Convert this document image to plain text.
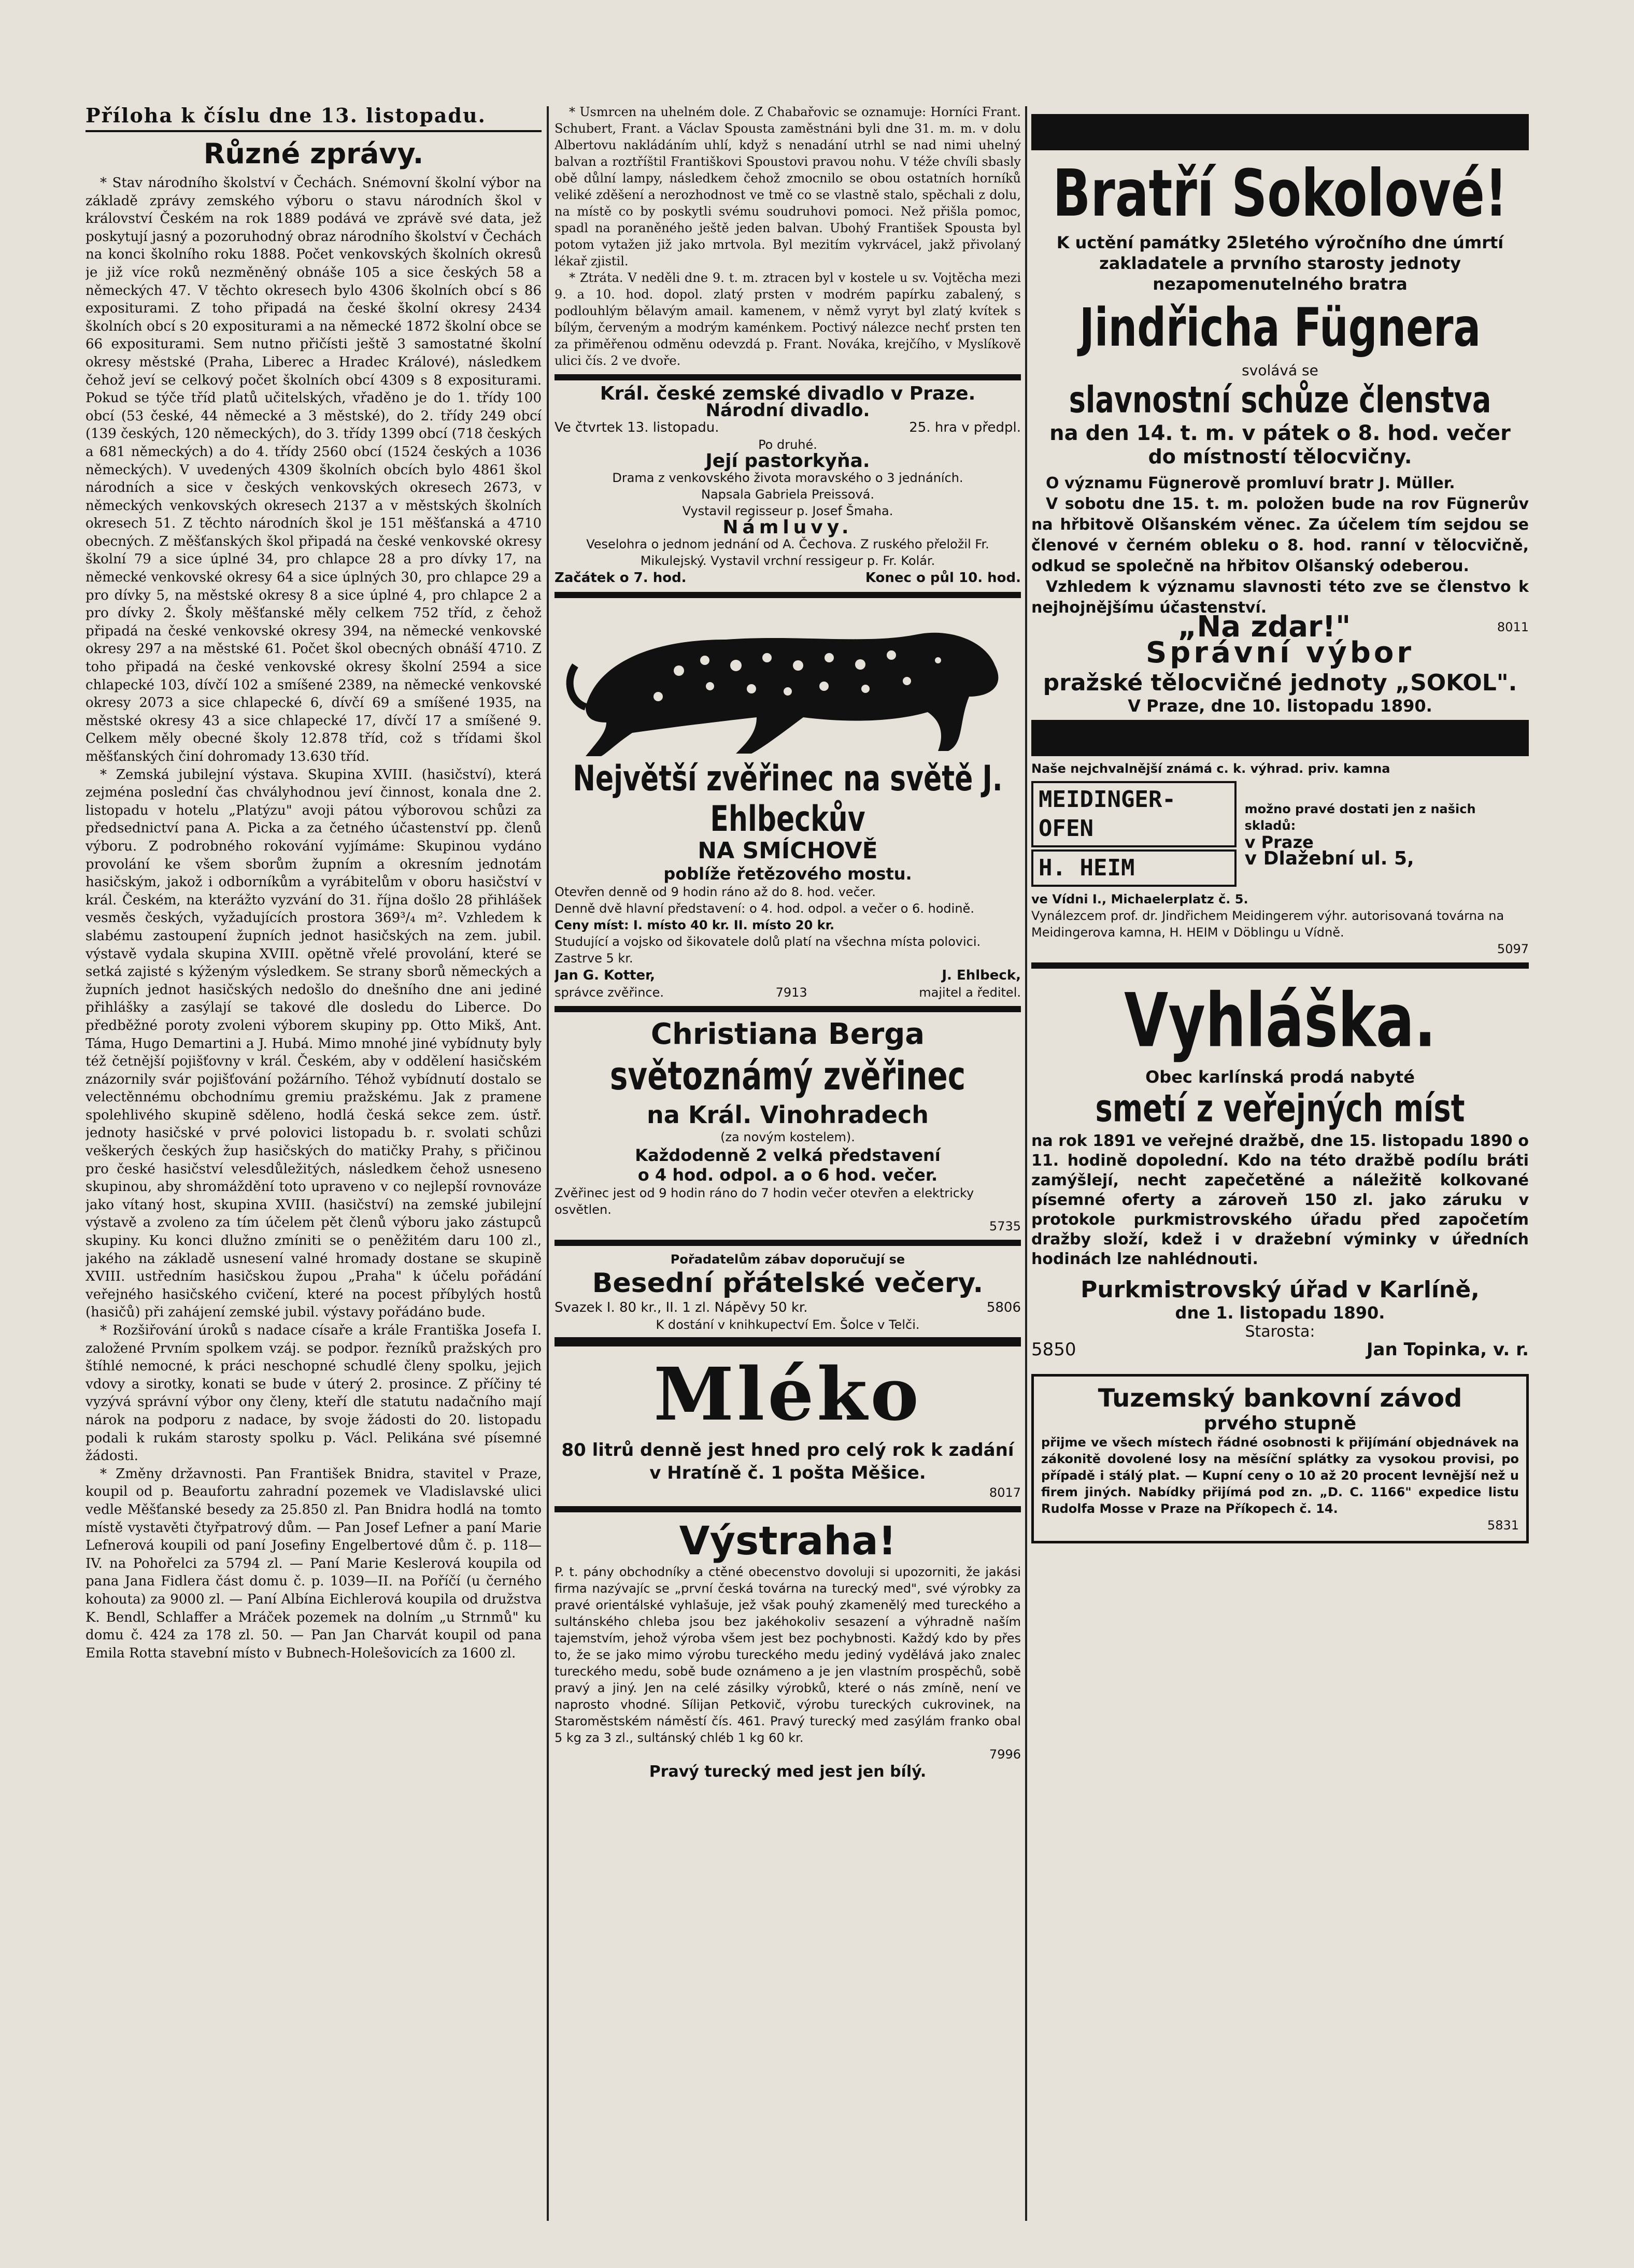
Příloha k číslu dne 13. listopadu.
Různé zprávy.

* Stav národního školství v Čechách. Snémovní školní výbor na základě zprávy zemského výboru o stavu národních škol v království Českém na rok 1889 podává ve zprávě své data, jež poskytují jasný a pozoruhodný obraz národního školství v Čechách na konci školního roku 1888. Počet venkovských školních okresů je již více roků nezměněný obnáše 105 a sice českých 58 a německých 47. V těchto okresech bylo 4306 školních obcí s 86 expositurami. Z toho připadá na české školní okresy 2434 školních obcí s 20 expositurami a na německé 1872 školní obce se 66 expositurami. Sem nutno přičísti ještě 3 samostatné školní okresy městské (Praha, Liberec a Hradec Králové), následkem čehož jeví se celkový počet školních obcí 4309 s 8 expositurami. Pokud se týče tříd platů učitelských, vřaděno je do 1. třídy 100 obcí (53 české, 44 německé a 3 městské), do 2. třídy 249 obcí (139 českých, 120 německých), do 3. třídy 1399 obcí (718 českých a 681 německých) a do 4. třídy 2560 obcí (1524 českých a 1036 německých). V uvedených 4309 školních obcích bylo 4861 škol národních a sice v českých venkovských okresech 2673, v německých venkovských okresech 2137 a v městských školních okresech 51. Z těchto národních škol je 151 měšťanská a 4710 obecných. Z měšťanských škol připadá na české venkovské okresy školní 79 a sice úplné 34, pro chlapce 28 a pro dívky 17, na německé venkovské okresy 64 a sice úplných 30, pro chlapce 29 a pro dívky 5, na městské okresy 8 a sice úplné 4, pro chlapce 2 a pro dívky 2. Školy měšťanské měly celkem 752 tříd, z čehož připadá na české venkovské okresy 394, na německé venkovské okresy 297 a na městské 61. Počet škol obecných obnáší 4710. Z toho připadá na české venkovské okresy školní 2594 a sice chlapecké 103, dívčí 102 a smíšené 2389, na německé venkovské okresy 2073 a sice chlapecké 6, dívčí 69 a smíšené 1935, na městské okresy 43 a sice chlapecké 17, dívčí 17 a smíšené 9. Celkem měly obecné školy 12.878 tříd, což s třídami škol měšťanských činí dohromady 13.630 tříd.

* Zemská jubilejní výstava. Skupina XVIII. (hasičství), která zejména poslední čas chvályhodnou jeví činnost, konala dne 2. listopadu v hotelu „Platýzu" avoji pátou výborovou schůzi za předsednictví pana A. Picka a za četného účastenství pp. členů výboru. Z podrobného rokování vyjímáme: Skupinou vydáno provolání ke všem sborům župním a okresním jednotám hasičským, jakož i odborníkům a vyrábitelům v oboru hasičství v král. Českém, na kterážto vyzvání do 31. října došlo 28 přihlášek vesměs českých, vyžadujících prostora 369³/₄ m². Vzhledem k slabému zastoupení župních jednot hasičských na zem. jubil. výstavě vydala skupina XVIII. opětně vřelé provolání, které se setká zajisté s kýženým výsledkem. Se strany sborů německých a župních jednot hasičských nedošlo do dnešního dne ani jediné přihlášky a zasýlají se takové dle dosledu do Liberce. Do předběžné poroty zvoleni výborem skupiny pp. Otto Mikš, Ant. Táma, Hugo Demartini a J. Hubá. Mimo mnohé jiné vybídnuty byly též četnější pojišťovny v král. Českém, aby v oddělení hasičském znázornily svár pojišťování požárního. Téhož vybídnutí dostalo se velectěnnému obchodnímu gremiu pražskému. Jak z pramene spolehlivého skupině sděleno, hodlá česká sekce zem. ústř. jednoty hasičské v prvé polovici listopadu b. r. svolati schůzi veškerých českých žup hasičských do matičky Prahy, s přičinou pro české hasičství velesdůležitých, následkem čehož usneseno skupinou, aby shromáždění toto upraveno v co nejlepší rovnováze jako vítaný host, skupina XVIII. (hasičství) na zemské jubilejní výstavě a zvoleno za tím účelem pět členů výboru jako zástupců skupiny. Ku konci dlužno zmíniti se o peněžitém daru 100 zl., jakého na základě usnesení valné hromady dostane se skupině XVIII. ustředním hasičskou župou „Praha" k účelu pořádání veřejného hasičského cvičení, které na pocest příbylých hostů (hasičů) při zahájení zemské jubil. výstavy pořádáno bude.

* Rozšiřování úroků s nadace císaře a krále Františka Josefa I. založené Prvním spolkem vzáj. se podpor. řezníků pražských pro štíhlé nemocné, k práci neschopné schudlé členy spolku, jejich vdovy a sirotky, konati se bude v úterý 2. prosince. Z příčiny té vyzývá správní výbor ony členy, kteří dle statutu nadačního mají nárok na podporu z nadace, by svoje žádosti do 20. listopadu podali k rukám starosty spolku p. Václ. Pelikána své písemné žádosti.

* Změny državnosti. Pan František Bnidra, stavitel v Praze, koupil od p. Beaufortu zahradní pozemek ve Vladislavské ulici vedle Měšťanské besedy za 25.850 zl. Pan Bnidra hodlá na tomto místě vystavěti čtyřpatrový dům. — Pan Josef Lefner a paní Marie Lefnerová koupili od paní Josefiny Engelbertové dům č. p. 118—IV. na Pohořelci za 5794 zl. — Paní Marie Keslerová koupila od pana Jana Fidlera část domu č. p. 1039—II. na Poříčí (u černého kohouta) za 9000 zl. — Paní Albína Eichlerová koupila od družstva K. Bendl, Schlaffer a Mráček pozemek na dolním „u Strnmů" ku domu č. 424 za 178 zl. 50. — Pan Jan Charvát koupil od pana Emila Rotta stavební místo v Bubnech-Holešovicích za 1600 zl.

* Usmrcen na uhelném dole. Z Chabařovic se oznamuje: Horníci Frant. Schubert, Frant. a Václav Spousta zaměstnáni byli dne 31. m. m. v dolu Albertovu nakládáním uhlí, když s nenadání utrhl se nad nimi uhelný balvan a roztříštil Františkovi Spoustovi pravou nohu. V téže chvíli sbasly obě důlní lampy, následkem čehož zmocnilo se obou ostatních horníků veliké zděšení a nerozhodnost ve tmě co se vlastně stalo, spěchali z dolu, na místě co by poskytli svému soudruhovi pomoci. Než přišla pomoc, spadl na poraněného ještě jeden balvan. Ubohý František Spousta byl potom vytažen již jako mrtvola. Byl mezitím vykrvácel, jakž přivolaný lékař zjistil.

* Ztráta. V neděli dne 9. t. m. ztracen byl v kostele u sv. Vojtěcha mezi 9. a 10. hod. dopol. zlatý prsten v modrém papírku zabalený, s podlouhlým bělavým amail. kamenem, v němž vyryt byl zlatý kvítek s bílým, červeným a modrým kaménkem. Poctivý nálezce nechť prsten ten za přiměřenou odměnu odevzdá p. Frant. Nováka, krejčího, v Myslíkově ulici čís. 2 ve dvoře.

Král. české zemské divadlo v Praze.
Národní divadlo.
Ve čtvrtek 13. listopadu.	25. hra v předpl.
Po druhé.
Její pastorkyňa.
Drama z venkovského života moravského o 3 jednáních.
Napsala Gabriela Preissová.
Vystavil regisseur p. Josef Šmaha.
Námluvy.
Veselohra o jednom jednání od A. Čechova. Z ruského přeložil Fr. Mikulejský. Vystavil vrchní ressigeur p. Fr. Kolár.
Začátek o 7. hod.	Konec o půl 10. hod.
Největší zvěřinec na světě J. Ehlbeckův
NA SMÍCHOVĚ
poblíže řetězového mostu.
Otevřen denně od 9 hodin ráno až do 8. hod. večer.
Denně dvě hlavní představení: o 4. hod. odpol. a večer o 6. hodině.
Ceny míst: I. místo 40 kr. II. místo 20 kr.
Studující a vojsko od šikovatele dolů platí na všechna místa polovici. Zastrve 5 kr.
Jan G. Kotter,	J. Ehlbeck,
správce zvěřince.	7913	majitel a ředitel.
Christiana Berga
světoznámý zvěřinec
na Král. Vinohradech
(za novým kostelem).
Každodenně 2 velká představení
o 4 hod. odpol. a o 6 hod. večer.
Zvěřinec jest od 9 hodin ráno do 7 hodin večer otevřen a elektricky osvětlen.
5735
Pořadatelům zábav doporučují se
Besední přátelské večery.
Svazek I. 80 kr., II. 1 zl. Nápěvy 50 kr.	5806
K dostání v knihkupectví Em. Šolce v Telči.
Mléko
80 litrů denně jest hned pro celý rok k zadání v Hratíně č. 1 pošta Měšice.
8017
Výstraha!
P. t. pány obchodníky a ctěné obecenstvo dovoluji si upozorniti, že jakási firma nazývajíc se „první česká továrna na turecký med", své výrobky za pravé orientálské vyhlašuje, jež však pouhý zkamenělý med tureckého a sultánského chleba jsou bez jakéhokoliv sesazení a výhradně naším tajemstvím, jehož výroba všem jest bez pochybnosti. Každý kdo by přes to, že se jako mimo výrobu tureckého medu jediný vydělává jako znalec tureckého medu, sobě bude oznámeno a je jen vlastním prospěchů, sobě pravý a jiný. Jen na celé zásilky výrobků, které o nás zmíně, není ve naprosto vhodné. Sílijan Petkovič, výrobu tureckých cukrovinek, na Staroměstském náměstí čís. 461. Pravý turecký med zasýlám franko obal 5 kg za 3 zl., sultánský chléb 1 kg 60 kr.
7996
Pravý turecký med jest jen bílý.
Bratří Sokolové!
K uctění památky 25letého výročního dne úmrtí zakladatele a prvního starosty jednoty nezapomenutelného bratra
Jindřicha Fügnera
svolává se
slavnostní schůze členstva
na den 14. t. m. v pátek o 8. hod. večer
do místností tělocvičny.

O významu Fügnerově promluví bratr J. Müller.

V sobotu dne 15. t. m. položen bude na rov Fügnerův na hřbitově Olšanském věnec. Za účelem tím sejdou se členové v černém obleku o 8. hod. ranní v tělocvičně, odkud se společně na hřbitov Olšanský odeberou.

Vzhledem k významu slavnosti této zve se členstvo k nejhojnějšímu účastenství.

„Na zdar!"	8011
Správní výbor
pražské tělocvičné jednoty „SOKOL".
V Praze, dne 10. listopadu 1890.
Naše nejchvalnější známá c. k. výhrad. priv. kamna
MEIDINGER-OFEN
H. HEIM
možno pravé dostati jen z našich skladů:
v Praze
v Dlažební ul. 5,
ve Vídni I., Michaelerplatz č. 5.
Vynálezcem prof. dr. Jindřichem Meidingerem výhr. autorisovaná továrna na Meidingerova kamna, H. HEIM v Döblingu u Vídně.
5097
Vyhláška.
Obec karlínská prodá nabyté
smetí z veřejných míst
na rok 1891 ve veřejné dražbě, dne 15. listopadu 1890 o 11. hodině dopolední. Kdo na této dražbě podílu bráti zamýšlejí, necht zapečetěné a náležitě kolkované písemné oferty a zároveň 150 zl. jako záruku v protokole purkmistrovského úřadu před započetím dražby složí, kdež i v dražební výminky v úředních hodinách lze nahlédnouti.
Purkmistrovský úřad v Karlíně,
dne 1. listopadu 1890.
Starosta:
5850	Jan Topinka, v. r.
Tuzemský bankovní závod
prvého stupně
přijme ve všech místech řádné osobnosti k přijímání objednávek na zákonitě dovolené losy na měsíční splátky za vysokou provisi, po případě i stálý plat. — Kupní ceny o 10 až 20 procent levnější než u firem jiných. Nabídky přijímá pod zn. „D. C. 1166" expedice listu Rudolfa Mosse v Praze na Příkopech č. 14.
5831
